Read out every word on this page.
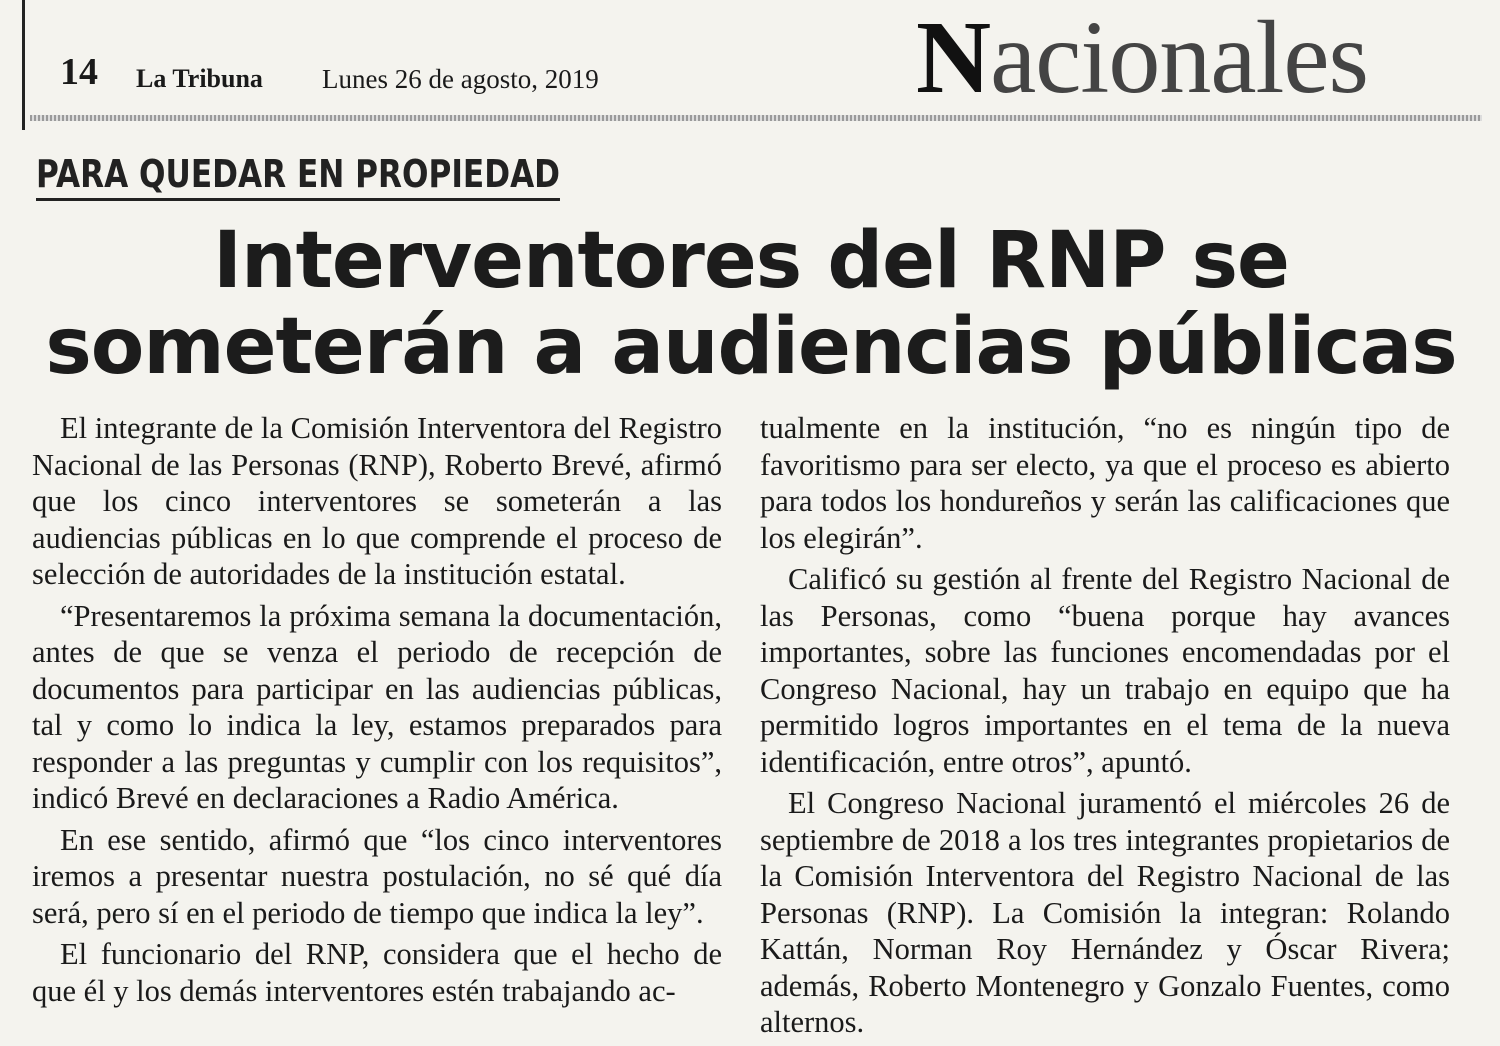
14 La Tribuna Lunes 26 de agosto, 2019	Nacionales
PARA QUEDAR EN PROPIEDAD
Interventores del RNP se
someterán a audiencias públicas

El integrante de la Comisión Interventora del Registro Nacional de las Personas (RNP), Roberto Brevé, afirmó que los cinco interventores se someterán a las audiencias públicas en lo que comprende el proceso de selección de autoridades de la institución estatal.

“Presentaremos la próxima semana la documentación, antes de que se venza el periodo de recepción de documentos para participar en las audiencias públicas, tal y como lo indica la ley, estamos preparados para responder a las preguntas y cumplir con los requisitos”, indicó Brevé en declaraciones a Radio América.

En ese sentido, afirmó que “los cinco interventores iremos a presentar nuestra postulación, no sé qué día será, pero sí en el periodo de tiempo que indica la ley”.

El funcionario del RNP, considera que el hecho de que él y los demás interventores estén trabajando ac-

tualmente en la institución, “no es ningún tipo de favoritismo para ser electo, ya que el proceso es abierto para todos los hondureños y serán las calificaciones que los elegirán”.

Calificó su gestión al frente del Registro Nacional de las Personas, como “buena porque hay avances importantes, sobre las funciones encomendadas por el Congreso Nacional, hay un trabajo en equipo que ha permitido logros importantes en el tema de la nueva identificación, entre otros”, apuntó.

El Congreso Nacional juramentó el miércoles 26 de septiembre de 2018 a los tres integrantes propietarios de la Comisión Interventora del Registro Nacional de las Personas (RNP). La Comisión la integran: Rolando Kattán, Norman Roy Hernández y Óscar Rivera; además, Roberto Montenegro y Gonzalo Fuentes, como alternos.
